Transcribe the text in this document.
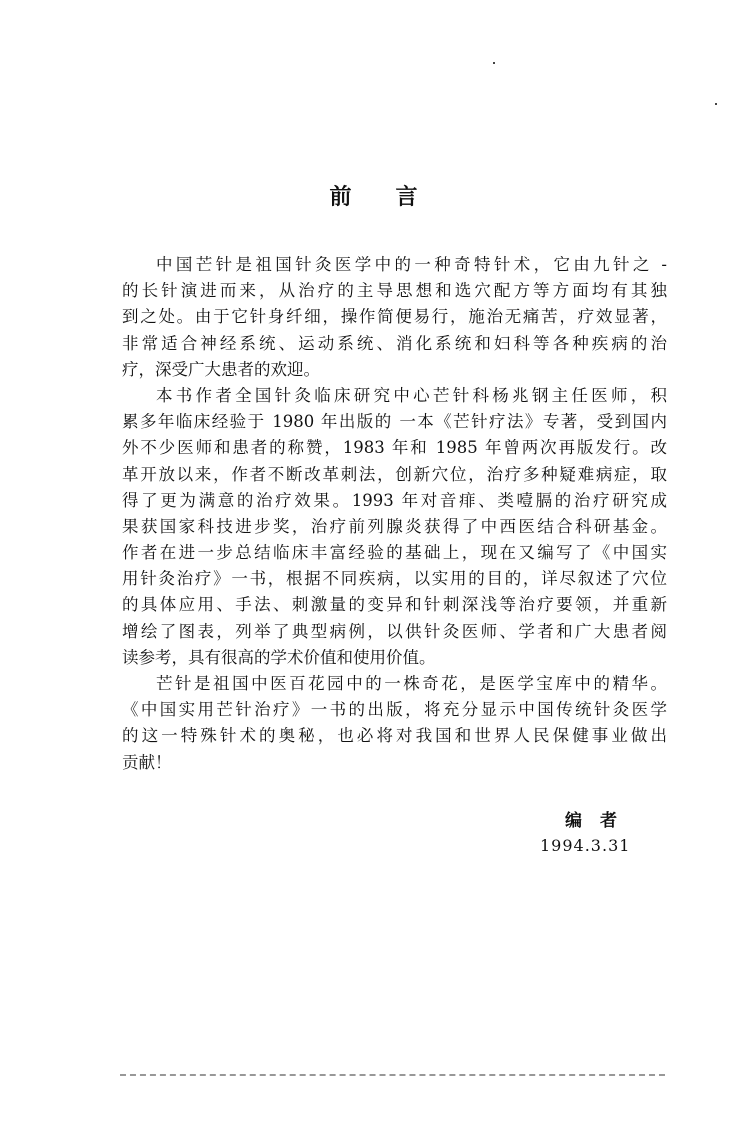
前言
中国芒针是祖国针灸医学中的一种奇特针术，它由九针之 -
的长针演进而来，从治疗的主导思想和选穴配方等方面均有其独
到之处。由于它针身纤细，操作简便易行，施治无痛苦，疗效显著，
非常适合神经系统、运动系统、消化系统和妇科等各种疾病的治
疗，深受广大患者的欢迎。
本书作者全国针灸临床研究中心芒针科杨兆钢主任医师，积
累多年临床经验于 1980 年出版的 一本《芒针疗法》专著，受到国内
外不少医师和患者的称赞，1983 年和 1985 年曾两次再版发行。改
革开放以来，作者不断改革刺法，创新穴位，治疗多种疑难病症，取
得了更为满意的治疗效果。1993 年对音痱、类噎膈的治疗研究成
果获国家科技进步奖，治疗前列腺炎获得了中西医结合科研基金。
作者在进一步总结临床丰富经验的基础上，现在又编写了《中国实
用针灸治疗》一书，根据不同疾病，以实用的目的，详尽叙述了穴位
的具体应用、手法、刺激量的变异和针刺深浅等治疗要领，并重新
增绘了图表，列举了典型病例，以供针灸医师、学者和广大患者阅
读参考，具有很高的学术价值和使用价值。
芒针是祖国中医百花园中的一株奇花，是医学宝库中的精华。
《中国实用芒针治疗》一书的出版，将充分显示中国传统针灸医学
的这一特殊针术的奥秘，也必将对我国和世界人民保健事业做出
贡献！
编者
1994.3.31
